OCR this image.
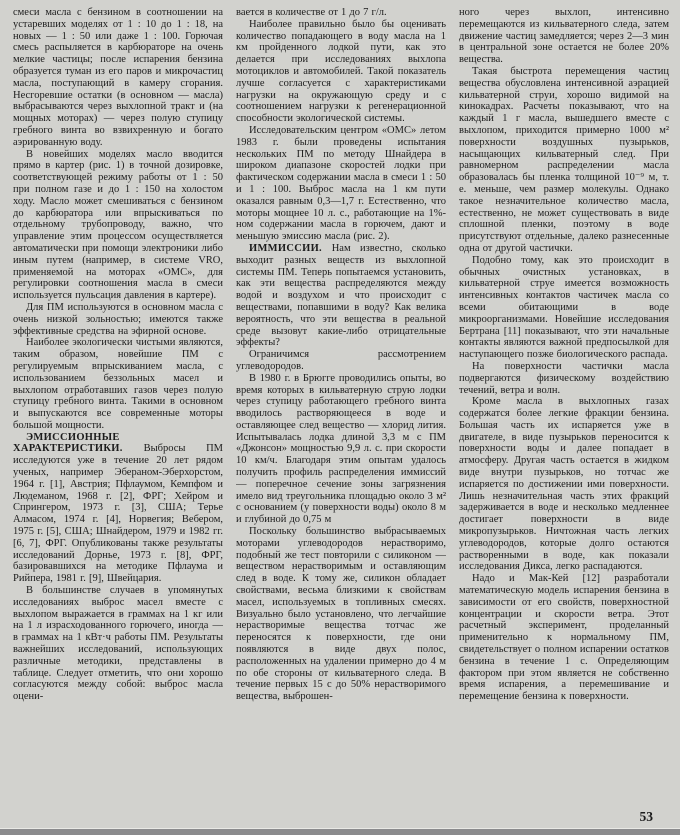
смеси масла с бензином в соотношении на устаревших моделях от 1 : 10 до 1 : 18, на новых — 1 : 50 или даже 1 : 100. Горючая смесь распыляется в карбюраторе на очень мелкие частицы; после испарения бензина образуется туман из его паров и микрочастиц масла, поступающий в камеру сгорания. Несгоревшие остатки (в основном — масла) выбрасываются через выхлопной тракт и (на мощных моторах) — через полую ступицу гребного винта во взвихренную и богато аэрированную воду.

В новейших моделях масло вводится прямо в картер (рис. 1) в точной дозировке, соответствующей режиму работы от 1 : 50 при полном газе и до 1 : 150 на холостом ходу. Масло может смешиваться с бензином до карбюратора или впрыскиваться по отдельному трубопроводу, важно, что управление этим процессом осуществляется автоматически при помощи электроники либо иным путем (например, в системе VRO, применяемой на моторах «ОМС», для регулировки соотношения масла в смеси используется пульсация давления в картере).

Для ПМ используются в основном масла с очень низкой зольностью; имеются также эффективные средства на эфирной основе.

Наиболее экологически чистыми являются, таким образом, новейшие ПМ с регулируемым впрыскиванием масла, с использованием беззольных масел и выхлопом отработавших газов через полую ступицу гребного винта. Такими в основном и выпускаются все современные моторы большой мощности.

ЭМИССИОННЫЕ ХАРАКТЕРИСТИКИ. Выбросы ПМ исследуются уже в течение 20 лет рядом ученых, например Эбераном-Эберхорстом, 1964 г. [1], Австрия; Пфлаумом, Кемпфом и Людеманом, 1968 г. [2], ФРГ; Хейром и Спрингером, 1973 г. [3], США; Терье Алмасом, 1974 г. [4], Норвегия; Вебером, 1975 г. [5], США; Шнайдером, 1979 и 1982 гг. [6, 7], ФРГ. Опубликованы также результаты исследований Дорнье, 1973 г. [8], ФРГ, базировавшихся на методике Пфлаума и Рийпера, 1981 г. [9], Швейцария.

В большинстве случаев в упомянутых исследованиях выброс масел вместе с выхлопом выражается в граммах на 1 кг или на 1 л израсходованного горючего, иногда — в граммах на 1 кВт·ч работы ПМ. Результаты важнейших исследований, использующих различные методики, представлены в таблице. Следует отметить, что они хорошо согласуются между собой: выброс масла оцени-

вается в количестве от 1 до 7 г/л.

Наиболее правильно было бы оценивать количество попадающего в воду масла на 1 км пройденного лодкой пути, как это делается при исследованиях выхлопа мотоциклов и автомобилей. Такой показатель лучше согласуется с характеристиками нагрузки на окружающую среду и с соотношением нагрузки к регенерационной способности экологической системы.

Исследовательским центром «ОМС» летом 1983 г. были проведены испытания нескольких ПМ по методу Шнайдера в широком диапазоне скоростей лодки при фактическом содержании масла в смеси 1 : 50 и 1 : 100. Выброс масла на 1 км пути оказался равным 0,3—1,7 г. Естественно, что моторы мощнее 10 л. с., работающие на 1%-ном содержании масла в горючем, дают и меньшую эмиссию масла (рис. 2).

ИММИССИИ. Нам известно, сколько выходит разных веществ из выхлопной системы ПМ. Теперь попытаемся установить, как эти вещества распределяются между водой и воздухом и что происходит с веществами, попавшими в воду? Как велика вероятность, что эти вещества в реальной среде вызовут какие-либо отрицательные эффекты?

Ограничимся рассмотрением углеводородов.

В 1980 г. в Брюгге проводились опыты, во время которых в кильватерную струю лодки через ступицу работающего гребного винта вводилось растворяющееся в воде и оставляющее след вещество — хлорид лития. Испытывалась лодка длиной 3,3 м с ПМ «Джонсон» мощностью 9,9 л. с. при скорости 10 км/ч. Благодаря этим опытам удалось получить профиль распределения иммиссий — поперечное сечение зоны загрязнения имело вид треугольника площадью около 3 м² с основанием (у поверхности воды) около 8 м и глубиной до 0,75 м

Поскольку большинство выбрасываемых моторами углеводородов нерастворимо, подобный же тест повторили с силиконом — веществом нерастворимым и оставляющим след в воде. К тому же, силикон обладает свойствами, весьма близкими к свойствам масел, используемых в топливных смесях. Визуально было установлено, что легчайшие нерастворимые вещества тотчас же переносятся к поверхности, где они появляются в виде двух полос, расположенных на удалении примерно до 4 м по обе стороны от кильватерного следа. В течение первых 15 с до 50% нерастворимого вещества, выброшен-

ного через выхлоп, интенсивно перемещаются из кильватерного следа, затем движение частиц замедляется; через 2—3 мин в центральной зоне остается не более 20% вещества.

Такая быстрота перемещения частиц вещества обусловлена интенсивной аэрацией кильватерной струи, хорошо видимой на кинокадрах. Расчеты показывают, что на каждый 1 г масла, вышедшего вместе с выхлопом, приходится примерно 1000 м² поверхности воздушных пузырьков, насыщающих кильватерный след. При равномерном распределении масла образовалась бы пленка толщиной 10⁻⁹ м, т. е. меньше, чем размер молекулы. Однако такое незначительное количество масла, естественно, не может существовать в виде сплошной пленки, поэтому в воде присутствуют отдельные, далеко разнесенные одна от другой частички.

Подобно тому, как это происходит в обычных очистных установках, в кильватерной струе имеется возможность интенсивных контактов частичек масла со всеми обитающими в воде микроорганизмами. Новейшие исследования Бертрана [11] показывают, что эти начальные контакты являются важной предпосылкой для наступающего позже биологического распада.

На поверхности частички масла подвергаются физическому воздействию течений, ветра и волн.

Кроме масла в выхлопных газах содержатся более легкие фракции бензина. Большая часть их испаряется уже в двигателе, в виде пузырьков переносится к поверхности воды и далее попадает в атмосферу. Другая часть остается в жидком виде внутри пузырьков, но тотчас же испаряется по достижении ими поверхности. Лишь незначительная часть этих фракций задерживается в воде и несколько медленнее достигает поверхности в виде микропузырьков. Ничтожная часть легких углеводородов, которые долго остаются растворенными в воде, как показали исследования Дикса, легко распадаются.

Надо и Мак-Кей [12] разработали математическую модель испарения бензина в зависимости от его свойств, поверхностной концентрации и скорости ветра. Этот расчетный эксперимент, проделанный применительно к нормальному ПМ, свидетельствует о полном испарении остатков бензина в течение 1 с. Определяющим фактором при этом является не собственно время испарения, а перемешивание и перемещение бензина к поверхности.

53
